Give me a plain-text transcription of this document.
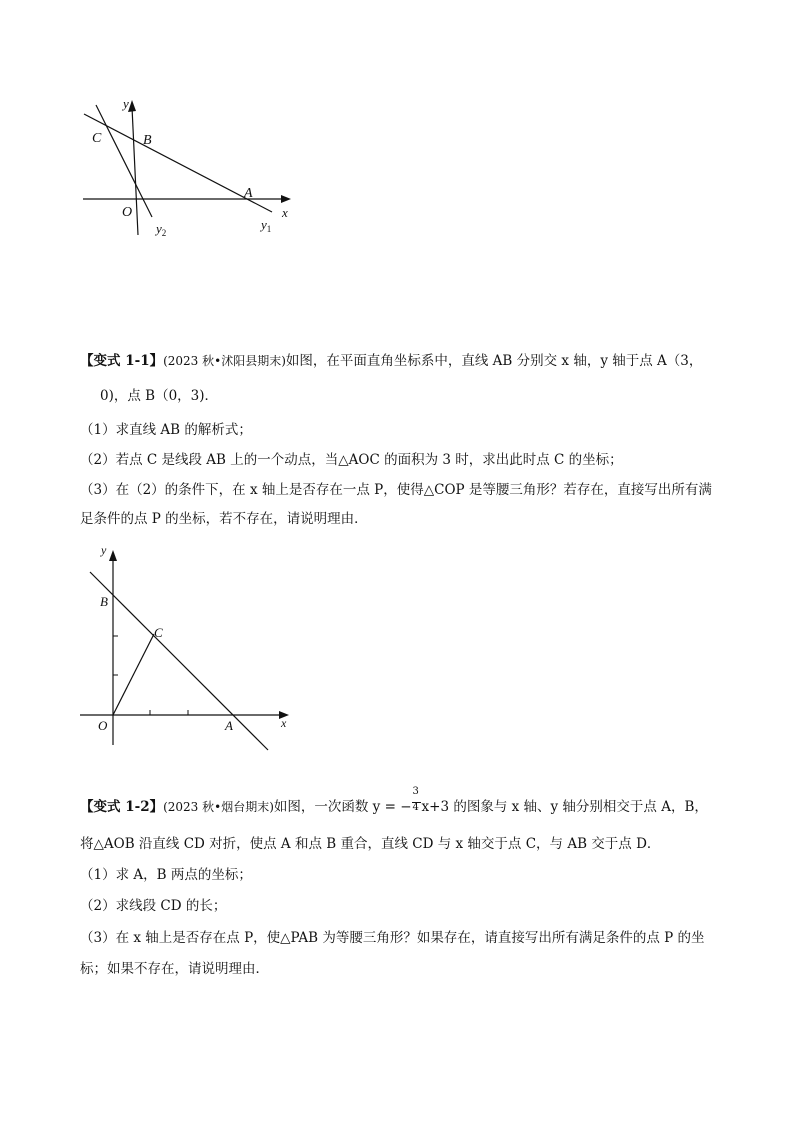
y
x
C	B
A
O
$y_1$
$y_2$
【变式 1-1】(2023 秋•沭阳县期末)如图，在平面直角坐标系中，直线 AB 分别交 x 轴，y 轴于点 A（3，
0)，点 B（0，3)．
（1）求直线 AB 的解析式；
（2）若点 C 是线段 AB 上的一个动点，当△AOC 的面积为 3 时，求出此时点 C 的坐标；
（3）在（2）的条件下，在 x 轴上是否存在一点 P，使得△COP 是等腰三角形？若存在，直接写出所有满
足条件的点 P 的坐标，若不存在，请说明理由．
y
x
B
C
O	A
【变式 1-2】(2023 秋•烟台期末)如图，一次函数 y = − $\frac{3}{4} x+3$ 的图象与 x 轴、y 轴分别相交于点 A，B，
将△AOB 沿直线 CD 对折，使点 A 和点 B 重合，直线 CD 与 x 轴交于点 C，与 AB 交于点 D．
（1）求 A，B 两点的坐标；
（2）求线段 CD 的长；
（3）在 x 轴上是否存在点 P，使△PAB 为等腰三角形？如果存在，请直接写出所有满足条件的点 P 的坐
标；如果不存在，请说明理由．
